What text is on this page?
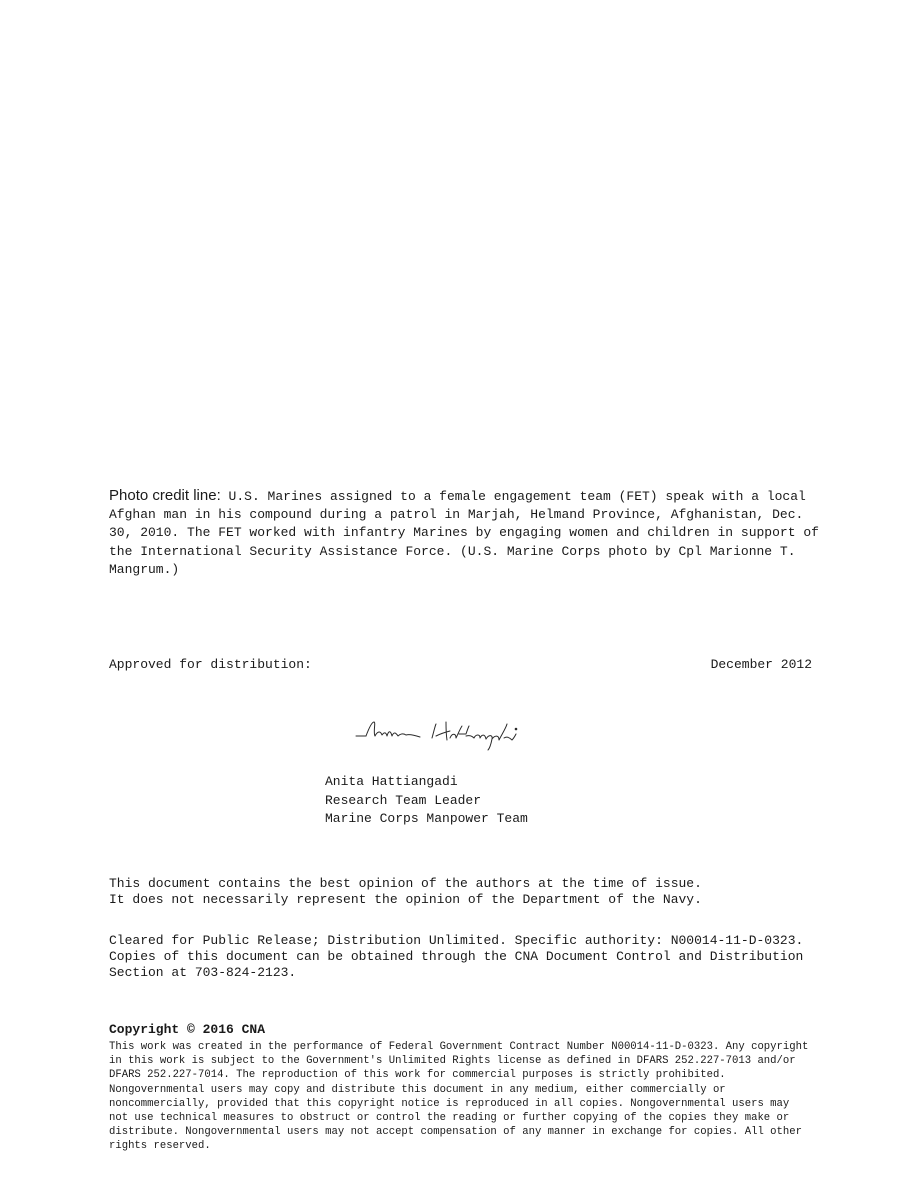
Photo credit line: U.S. Marines assigned to a female engagement team (FET) speak with a local Afghan man in his compound during a patrol in Marjah, Helmand Province, Afghanistan, Dec. 30, 2010. The FET worked with infantry Marines by engaging women and children in support of the International Security Assistance Force. (U.S. Marine Corps photo by Cpl Marionne T. Mangrum.)
Approved for distribution:	December 2012
Anita Hattiangadi
Research Team Leader
Marine Corps Manpower Team
This document contains the best opinion of the authors at the time of issue.
It does not necessarily represent the opinion of the Department of the Navy.
Cleared for Public Release; Distribution Unlimited. Specific authority: N00014-11-D-0323.
Copies of this document can be obtained through the CNA Document Control and Distribution Section at 703-824-2123.
Copyright © 2016 CNA
This work was created in the performance of Federal Government Contract Number N00014-11-D-0323. Any copyright in this work is subject to the Government's Unlimited Rights license as defined in DFARS 252.227-7013 and/or DFARS 252.227-7014. The reproduction of this work for commercial purposes is strictly prohibited. Nongovernmental users may copy and distribute this document in any medium, either commercially or noncommercially, provided that this copyright notice is reproduced in all copies. Nongovernmental users may not use technical measures to obstruct or control the reading or further copying of the copies they make or distribute. Nongovernmental users may not accept compensation of any manner in exchange for copies. All other rights reserved.
